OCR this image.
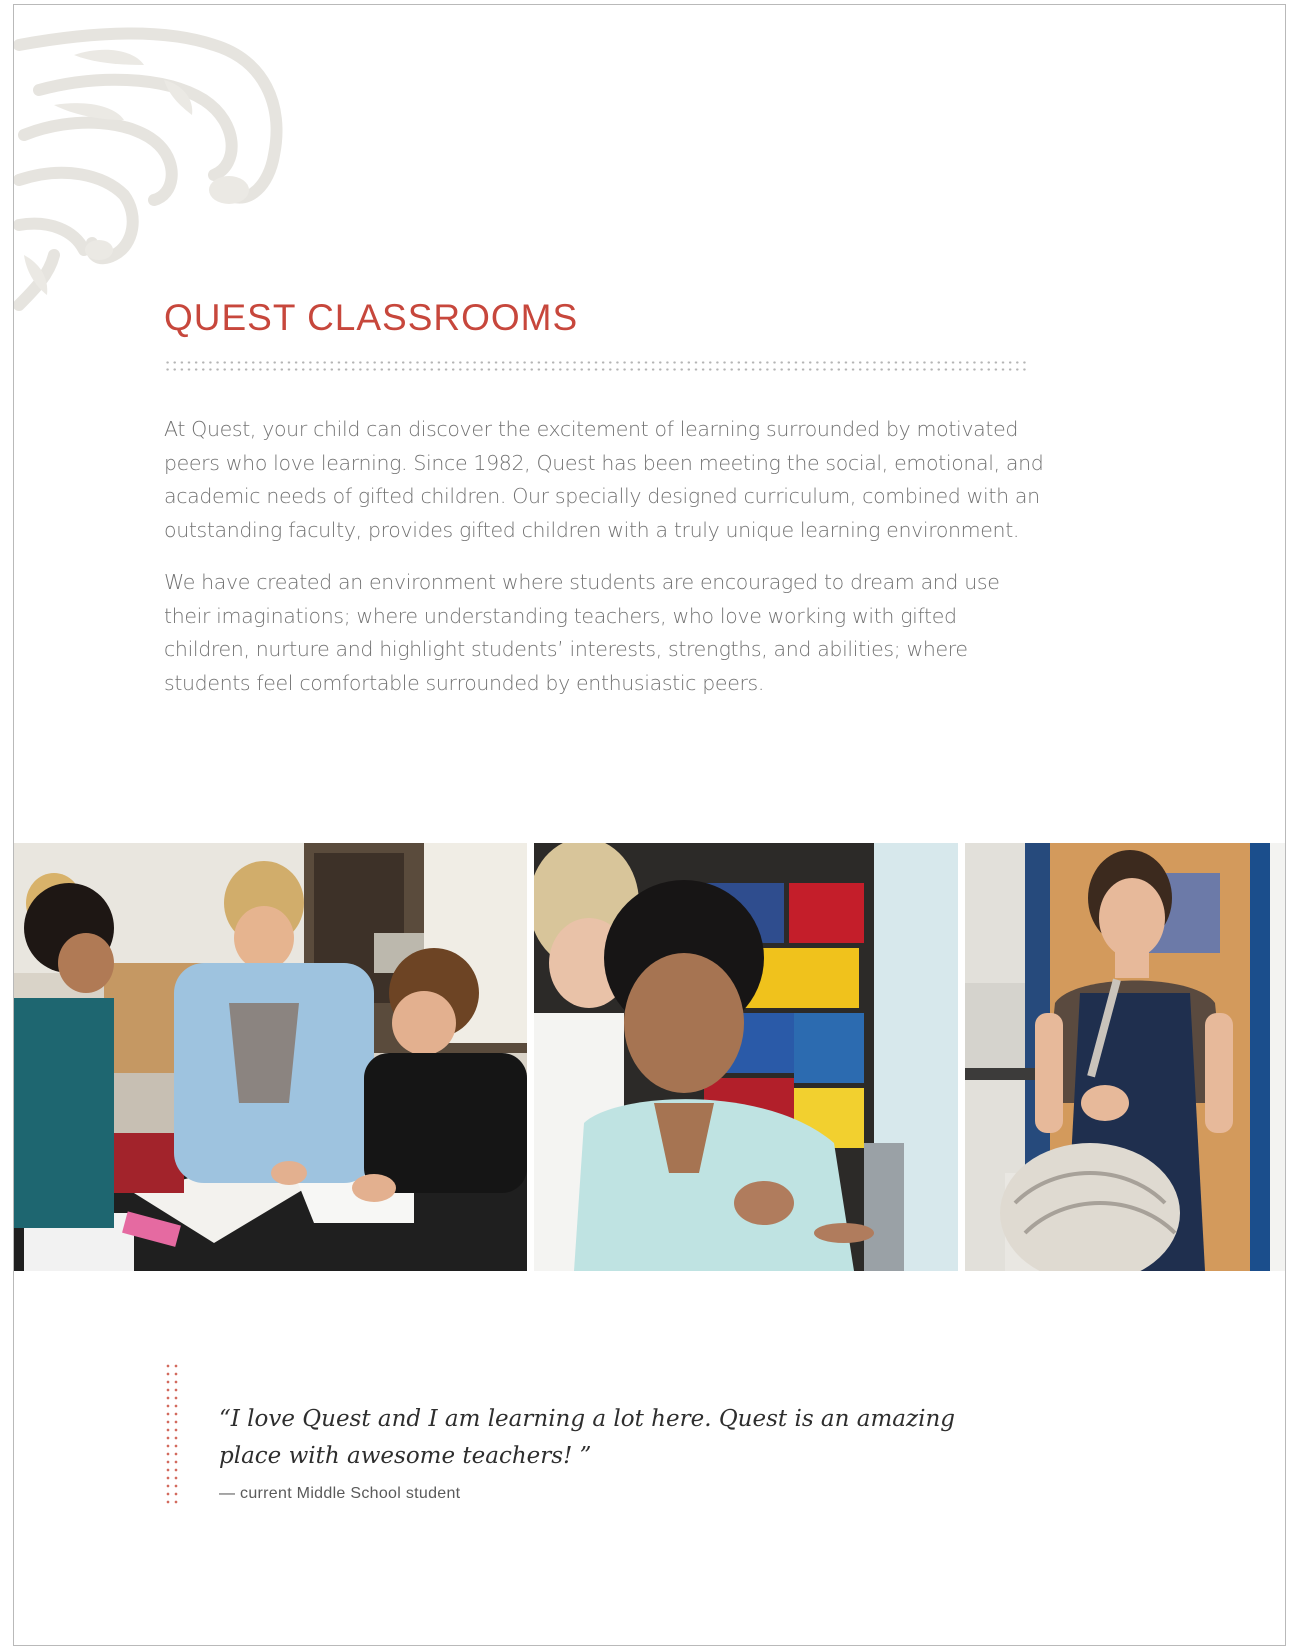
QUEST CLASSROOMS

At Quest, your child can discover the excitement of learning surrounded by motivated peers who love learning. Since 1982, Quest has been meeting the social, emotional, and academic needs of gifted children. Our specially designed curriculum, combined with an outstanding faculty, provides gifted children with a truly unique learning environment.

We have created an environment where students are encouraged to dream and use their imaginations; where understanding teachers, who love working with gifted children, nurture and highlight students’ interests, strengths, and abilities; where students feel comfortable surrounded by enthusiastic peers.

“I love Quest and I am learning a lot here. Quest is an amazing place with awesome teachers! ”

— current Middle School student
